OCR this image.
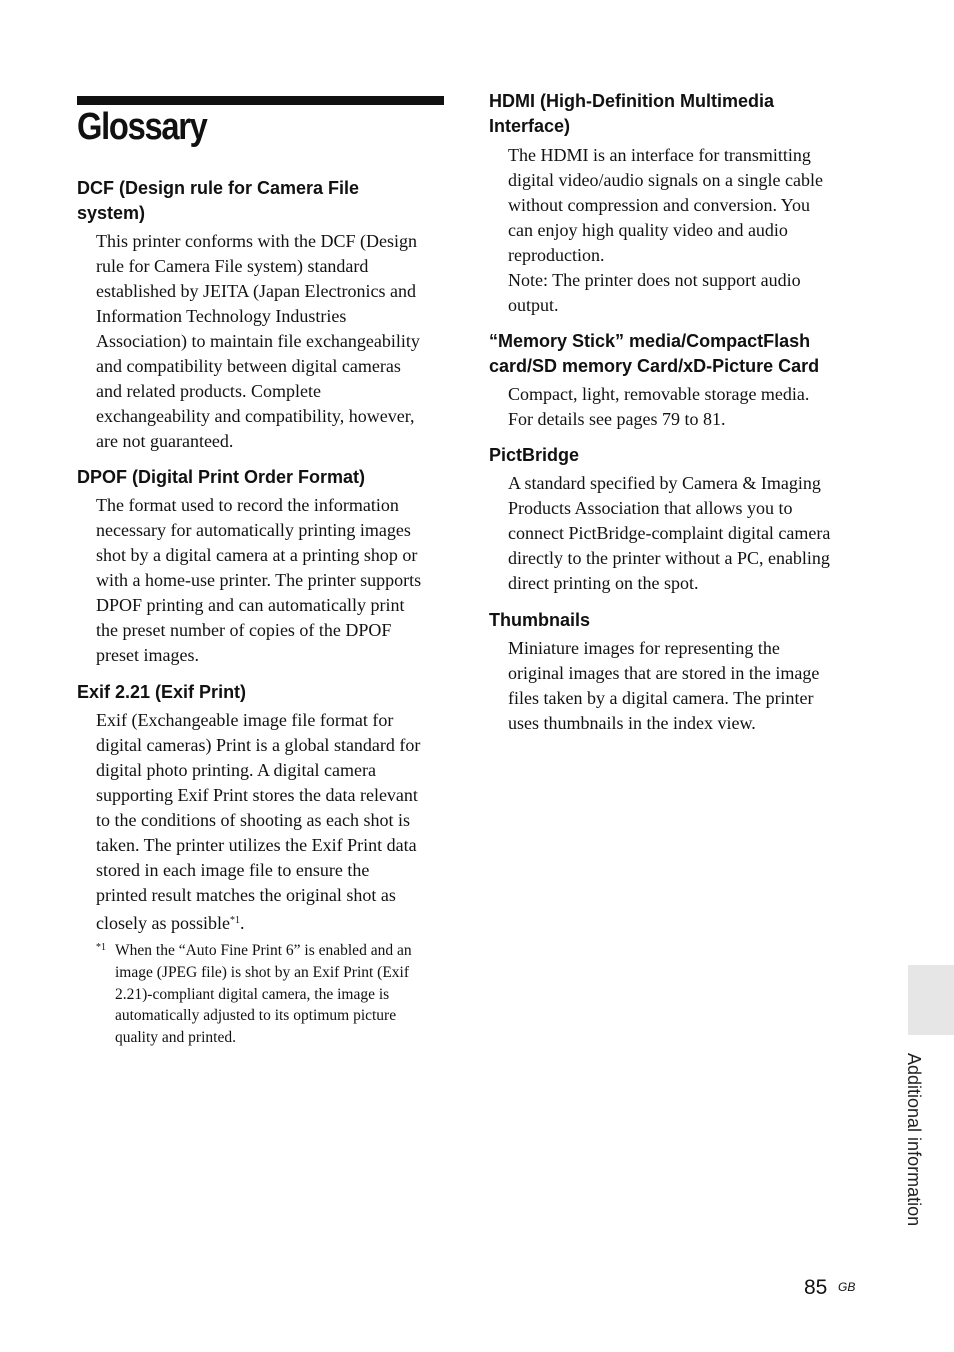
Glossary
DCF (Design rule for Camera File
system)

This printer conforms with the DCF (Design
rule for Camera File system) standard
established by JEITA (Japan Electronics and
Information Technology Industries
Association) to maintain file exchangeability
and compatibility between digital cameras
and related products. Complete
exchangeability and compatibility, however,
are not guaranteed.

DPOF (Digital Print Order Format)

The format used to record the information
necessary for automatically printing images
shot by a digital camera at a printing shop or
with a home-use printer. The printer supports
DPOF printing and can automatically print
the preset number of copies of the DPOF
preset images.

Exif 2.21 (Exif Print)

Exif (Exchangeable image file format for
digital cameras) Print is a global standard for
digital photo printing. A digital camera
supporting Exif Print stores the data relevant
to the conditions of shooting as each shot is
taken. The printer utilizes the Exif Print data
stored in each image file to ensure the
printed result matches the original shot as
closely as possible$^{*1}$.

*1 When the “Auto Fine Print 6” is enabled and an
image (JPEG file) is shot by an Exif Print (Exif
2.21)-compliant digital camera, the image is
automatically adjusted to its optimum picture
quality and printed.

HDMI (High-Definition Multimedia
Interface)

The HDMI is an interface for transmitting
digital video/audio signals on a single cable
without compression and conversion. You
can enjoy high quality video and audio
reproduction.
Note: The printer does not support audio
output.

“Memory Stick” media/CompactFlash
card/SD memory Card/xD-Picture Card

Compact, light, removable storage media.
For details see pages 79 to 81.

PictBridge

A standard specified by Camera & Imaging
Products Association that allows you to
connect PictBridge-complaint digital camera
directly to the printer without a PC, enabling
direct printing on the spot.

Thumbnails

Miniature images for representing the
original images that are stored in the image
files taken by a digital camera. The printer
uses thumbnails in the index view.

Additional information
85 GB
